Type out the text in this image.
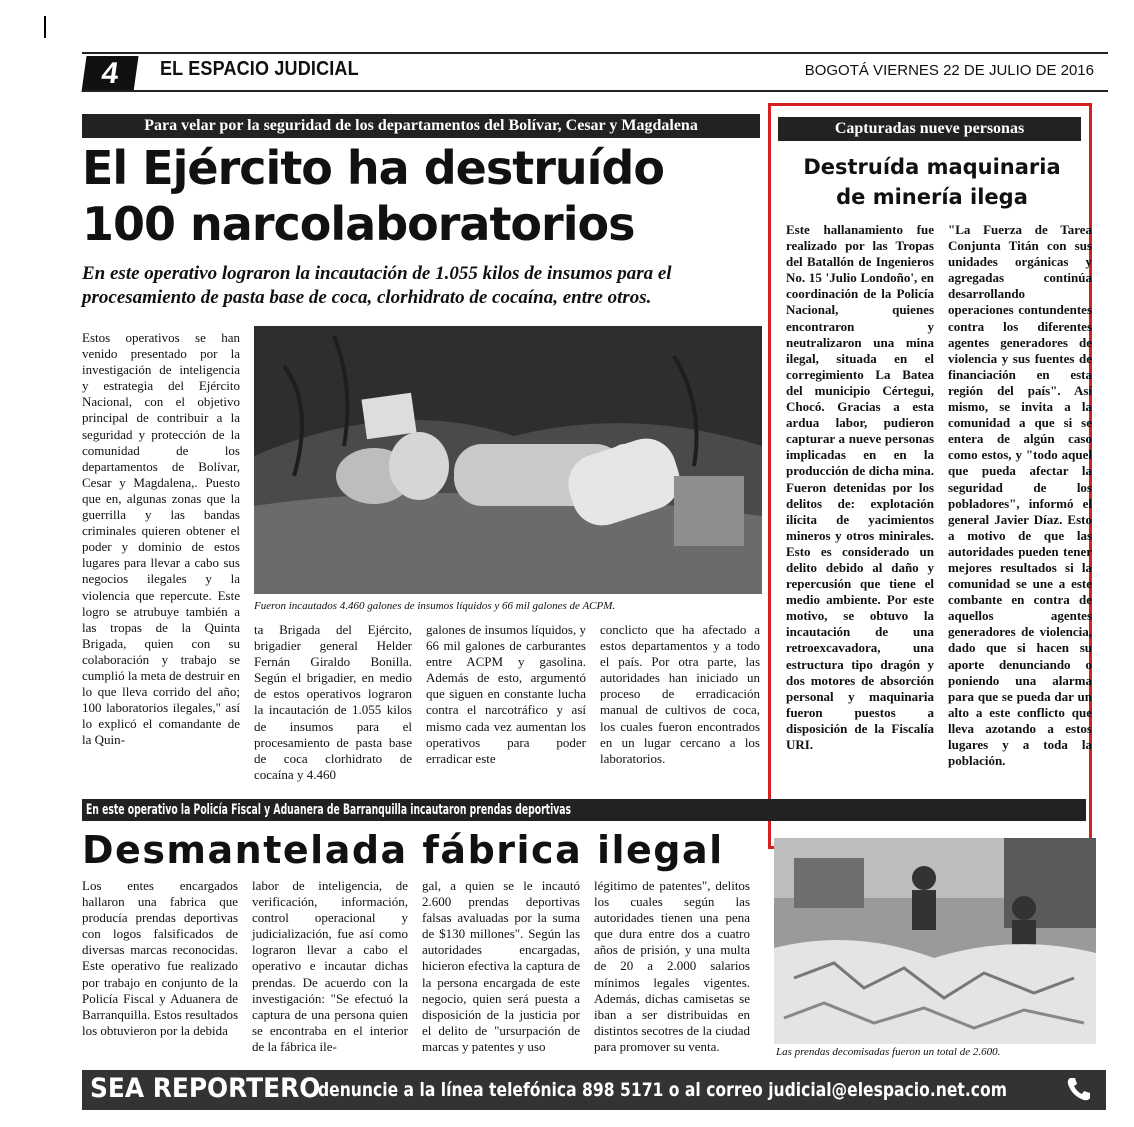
4	EL ESPACIO JUDICIAL	BOGOTÁ VIERNES 22 DE JULIO DE 2016
Para velar por la seguridad de los departamentos del Bolívar, Cesar y Magdalena
El Ejército ha destruído
100 narcolaboratorios
En este operativo lograron la incautación de 1.055 kilos de insumos para el procesamiento de pasta base de coca, clorhidrato de cocaína, entre otros.
Estos operativos se han venido presentado por la investigación de inteligencia y estrategia del Ejército Nacional, con el objetivo principal de contribuir a la seguridad y protección de la comunidad de los departamentos de Bolívar, Cesar y Magdalena,. Puesto que en, algunas zonas que la guerrilla y las bandas criminales quieren obtener el poder y dominio de estos lugares para llevar a cabo sus negocios ilegales y la violencia que repercute. Este logro se atrubuye también a las tropas de la Quinta Brigada, quien con su colaboración y trabajo se cumplió la meta de destruir en lo que lleva corrido del año; 100 laboratorios ilegales," así lo explicó el comandante de la Quin-
Fueron incautados 4.460 galones de insumos líquidos y 66 mil galones de ACPM.
ta Brigada del Ejército, brigadier general Helder Fernán Giraldo Bonilla. Según el brigadier, en medio de estos operativos lograron la incautación de 1.055 kilos de insumos para el procesamiento de pasta base de coca clorhidrato de cocaína y 4.460
galones de insumos líquidos, y 66 mil galones de carburantes entre ACPM y gasolina. Además de esto, argumentó que siguen en constante lucha contra el narcotráfico y así mismo cada vez aumentan los operativos para poder erradicar este
conclicto que ha afectado a estos departamentos y a todo el país. Por otra parte, las autoridades han iniciado un proceso de erradicación manual de cultivos de coca, los cuales fueron encontrados en un lugar cercano a los laboratorios.
Capturadas nueve personas
Destruída maquinaria
de minería ilega
Este hallanamiento fue realizado por las Tropas del Batallón de Ingenieros No. 15 'Julio Londoño', en coordinación de la Policía Nacional, quienes encontraron y neutralizaron una mina ilegal, situada en el corregimiento La Batea del municipio Cértegui, Chocó. Gracias a esta ardua labor, pudieron capturar a nueve personas implicadas en en la producción de dicha mina. Fueron detenidas por los delitos de: explotación ilícita de yacimientos mineros y otros minirales. Esto es considerado un delito debido al daño y repercusión que tiene el medio ambiente. Por este motivo, se obtuvo la incautación de una retroexcavadora, una estructura tipo dragón y dos motores de absorción personal y maquinaria fueron puestos a disposición de la Fiscalía URI.
"La Fuerza de Tarea Conjunta Titán con sus unidades orgánicas y agregadas continúa desarrollando operaciones contundentes contra los diferentes agentes generadores de violencia y sus fuentes de financiación en esta región del país". Así mismo, se invita a la comunidad a que si se entera de algún caso como estos, y "todo aquel que pueda afectar la seguridad de los pobladores", informó el general Javier Díaz. Esto a motivo de que las autoridades pueden tener mejores resultados si la comunidad se une a este combante en contra de aquellos agentes generadores de violencia, dado que si hacen su aporte denunciando o poniendo una alarma para que se pueda dar un alto a este conflicto que lleva azotando a estos lugares y a toda la población.
En este operativo la Policía Fiscal y Aduanera de Barranquilla incautaron prendas deportivas
Desmantelada fábrica ilegal
Los entes encargados hallaron una fabrica que producía prendas deportivas con logos falsificados de diversas marcas reconocidas. Este operativo fue realizado por trabajo en conjunto de la Policía Fiscal y Aduanera de Barranquilla. Estos resultados los obtuvieron por la debida
labor de inteligencia, de verificación, información, control operacional y judicialización, fue así como lograron llevar a cabo el operativo e incautar dichas prendas. De acuerdo con la investigación: "Se efectuó la captura de una persona quien se encontraba en el interior de la fábrica ile-
gal, a quien se le incautó 2.600 prendas deportivas falsas avaluadas por la suma de $130 millones". Según las autoridades encargadas, hicieron efectiva la captura de la persona encargada de este negocio, quien será puesta a disposición de la justicia por el delito de "ursurpación de marcas y patentes y uso
légitimo de patentes", delitos los cuales según las autoridades tienen una pena que dura entre dos a cuatro años de prisión, y una multa de 20 a 2.000 salarios mínimos legales vigentes. Además, dichas camisetas se iban a ser distribuidas en distintos secotres de la ciudad para promover su venta.	Las prendas decomisadas fueron un total de 2.600.
SEA REPORTERO
denuncie a la línea telefónica 898 5171 o al correo judicial@elespacio.net.com
